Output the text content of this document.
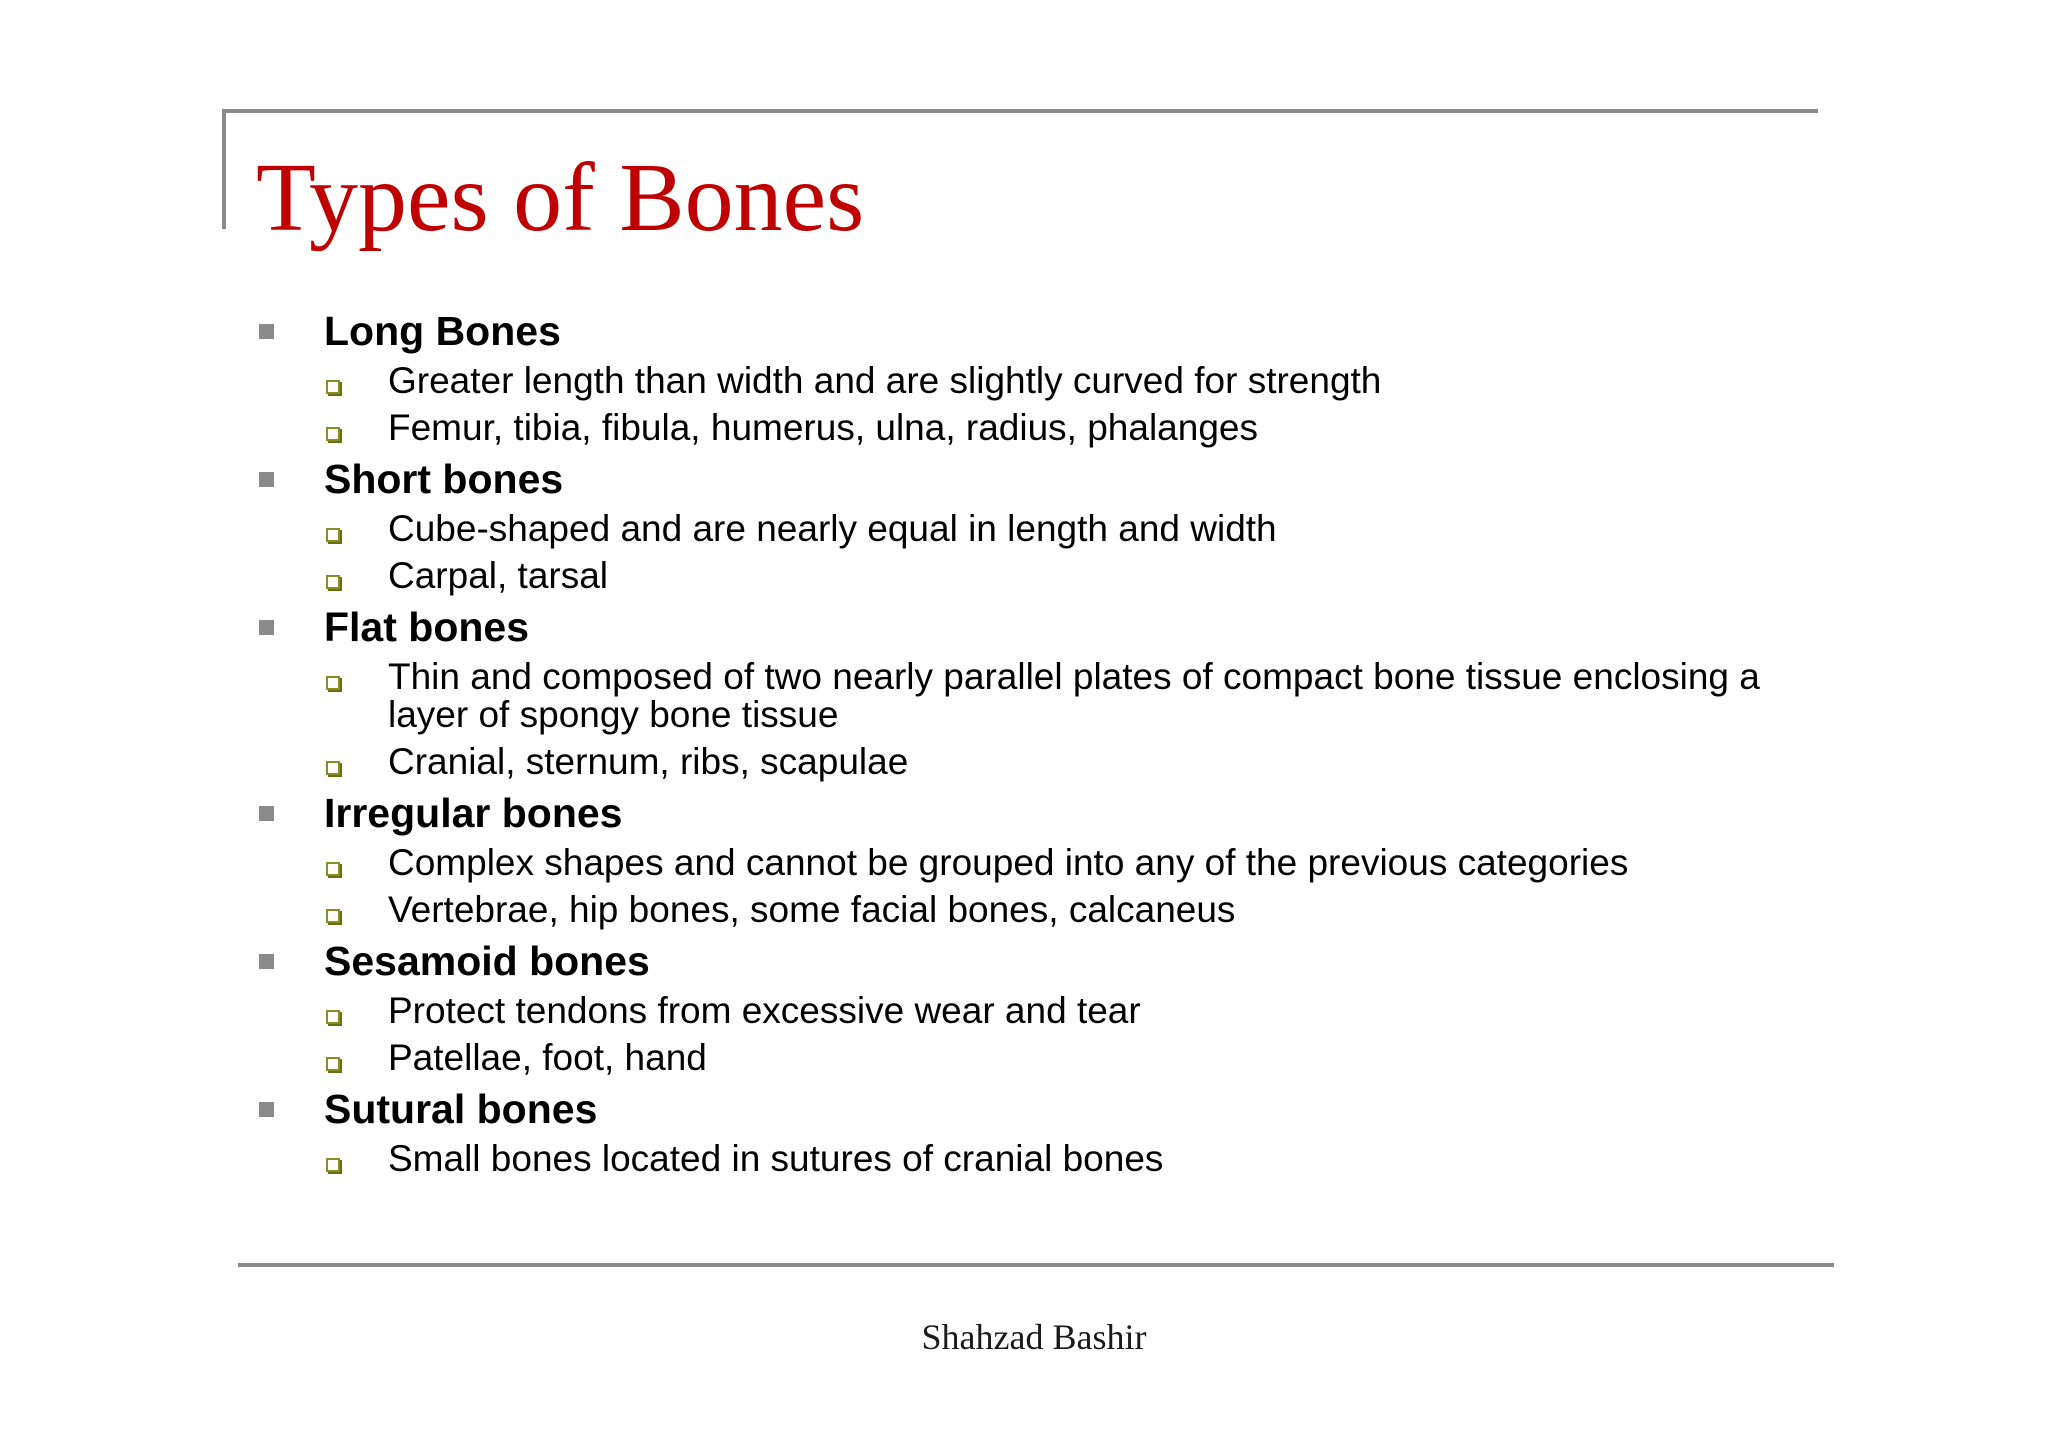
Types of Bones
Long Bones
Greater length than width and are slightly curved for strength
Femur, tibia, fibula, humerus, ulna, radius, phalanges
Short bones
Cube-shaped and are nearly equal in length and width
Carpal, tarsal
Flat bones
Thin and composed of two nearly parallel plates of compact bone tissue enclosing a layer of spongy bone tissue
Cranial, sternum, ribs, scapulae
Irregular bones
Complex shapes and cannot be grouped into any of the previous categories
Vertebrae, hip bones, some facial bones, calcaneus
Sesamoid bones
Protect tendons from excessive wear and tear
Patellae, foot, hand
Sutural bones
Small bones located in sutures of cranial bones
Shahzad Bashir
